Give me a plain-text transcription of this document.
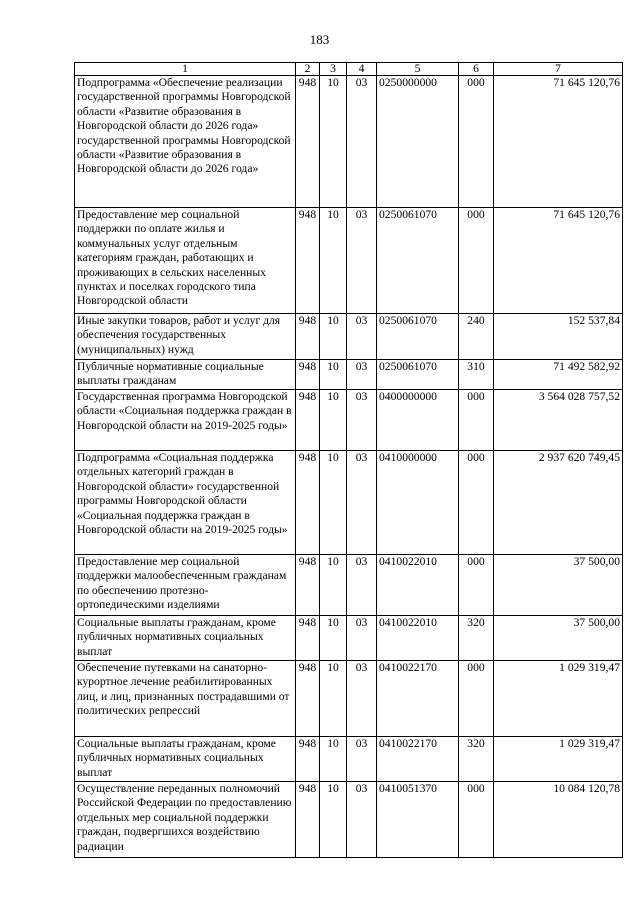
183
1	2	3	4	5	6	7
Подпрограмма «Обеспечение реализации государственной программы Новгородской области «Развитие образования в Новгородской области до 2026 года» государственной программы Новгородской области «Развитие образования в Новгородской области до 2026 года»	948	10	03	0250000000	000	71 645 120,76
Предоставление мер социальной поддержки по оплате жилья и коммунальных услуг отдельным категориям граждан, работающих и проживающих в сельских населенных пунктах и поселках городского типа Новгородской области	948	10	03	0250061070	000	71 645 120,76
Иные закупки товаров, работ и услуг для обеспечения государственных (муниципальных) нужд	948	10	03	0250061070	240	152 537,84
Публичные нормативные социальные выплаты гражданам	948	10	03	0250061070	310	71 492 582,92
Государственная программа Новгородской области «Социальная поддержка граждан в Новгородской области на 2019-2025 годы»	948	10	03	0400000000	000	3 564 028 757,52
Подпрограмма «Социальная поддержка отдельных категорий граждан в Новгородской области» государственной программы Новгородской области «Социальная поддержка граждан в Новгородской области на 2019-2025 годы»	948	10	03	0410000000	000	2 937 620 749,45
Предоставление мер социальной поддержки малообеспеченным гражданам по обеспечению протезно-ортопедическими изделиями	948	10	03	0410022010	000	37 500,00
Социальные выплаты гражданам, кроме публичных нормативных социальных выплат	948	10	03	0410022010	320	37 500,00
Обеспечение путевками на санаторно-курортное лечение реабилитированных лиц, и лиц, признанных пострадавшими от политических репрессий	948	10	03	0410022170	000	1 029 319,47
Социальные выплаты гражданам, кроме публичных нормативных социальных выплат	948	10	03	0410022170	320	1 029 319,47
Осуществление переданных полномочий Российской Федерации по предоставлению отдельных мер социальной поддержки граждан, подвергшихся воздействию радиации	948	10	03	0410051370	000	10 084 120,78
